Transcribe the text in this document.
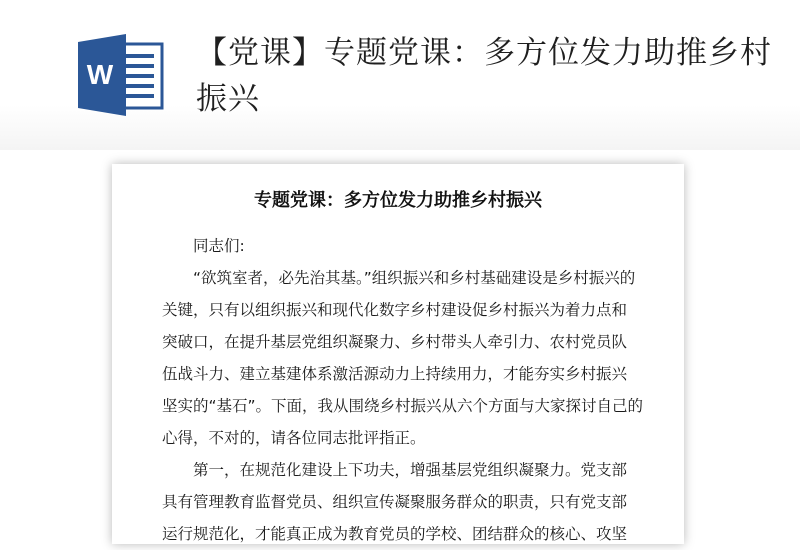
W
【党课】专题党课：多方位发力助推乡村振兴
专题党课：多方位发力助推乡村振兴
同志们:
“欲筑室者，必先治其基。”组织振兴和乡村基础建设是乡村振兴的
关键，只有以组织振兴和现代化数字乡村建设促乡村振兴为着力点和
突破口，在提升基层党组织凝聚力、乡村带头人牵引力、农村党员队
伍战斗力、建立基建体系激活源动力上持续用力，才能夯实乡村振兴
坚实的“基石”。下面，我从围绕乡村振兴从六个方面与大家探讨自己的
心得，不对的，请各位同志批评指正。
第一，在规范化建设上下功夫，增强基层党组织凝聚力。党支部
具有管理教育监督党员、组织宣传凝聚服务群众的职责，只有党支部
运行规范化，才能真正成为教育党员的学校、团结群众的核心、攻坚
